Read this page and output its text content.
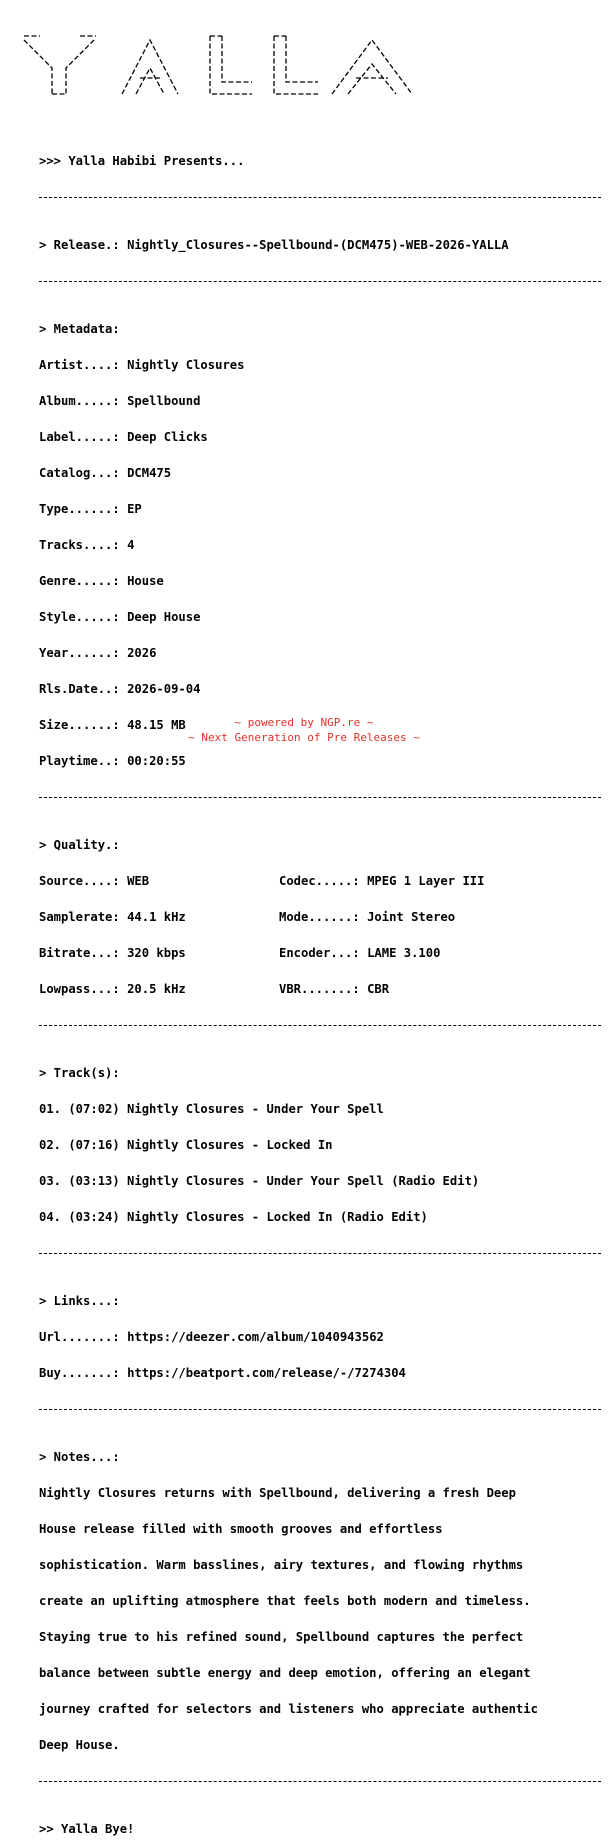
>>> Yalla Habibi Presents...

> Release.: Nightly_Closures--Spellbound-(DCM475)-WEB-2026-YALLA

> Metadata:

Artist....: Nightly Closures

Album.....: Spellbound

Label.....: Deep Clicks

Catalog...: DCM475

Type......: EP

Tracks....: 4

Genre.....: House

Style.....: Deep House

Year......: 2026

Rls.Date..: 2026-09-04

Size......: 48.15 MB

Playtime..: 00:20:55

> Quality.:

Source....: WEB	Codec.....: MPEG 1 Layer III

Samplerate: 44.1 kHz	Mode......: Joint Stereo

Bitrate...: 320 kbps	Encoder...: LAME 3.100

Lowpass...: 20.5 kHz	VBR.......: CBR

> Track(s):

01. (07:02) Nightly Closures - Under Your Spell

02. (07:16) Nightly Closures - Locked In

03. (03:13) Nightly Closures - Under Your Spell (Radio Edit)

04. (03:24) Nightly Closures - Locked In (Radio Edit)

> Links...:

Url.......: https://deezer.com/album/1040943562

Buy.......: https://beatport.com/release/-/7274304

> Notes...:

Nightly Closures returns with Spellbound, delivering a fresh Deep

House release filled with smooth grooves and effortless

sophistication. Warm basslines, airy textures, and flowing rhythms

create an uplifting atmosphere that feels both modern and timeless.

Staying true to his refined sound, Spellbound captures the perfect

balance between subtle energy and deep emotion, offering an elegant

journey crafted for selectors and listeners who appreciate authentic

Deep House.

>> Yalla Bye!

~ powered by NGP.re ~
~ Next Generation of Pre Releases ~
